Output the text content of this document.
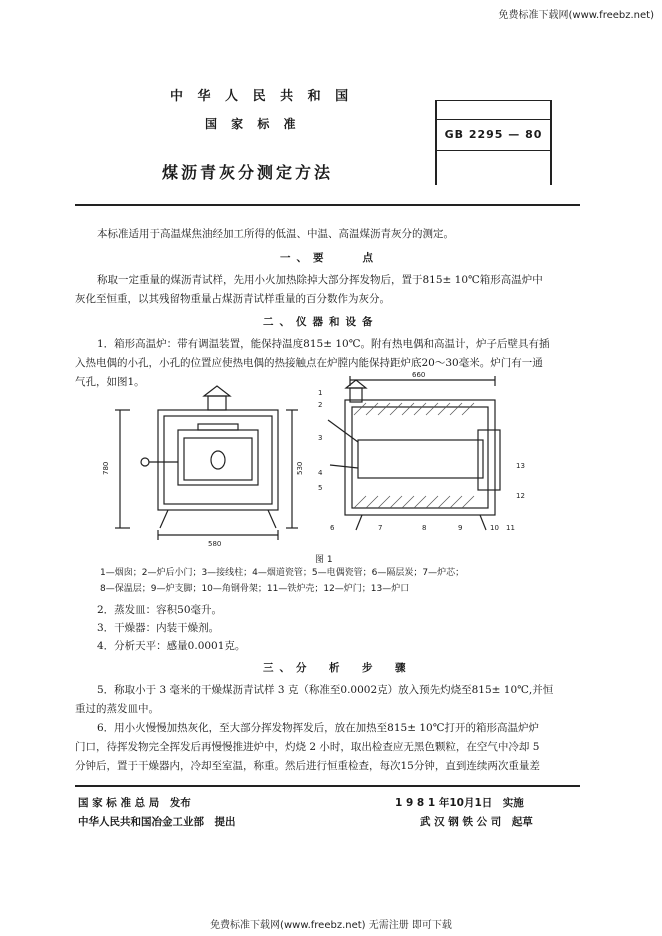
免费标准下载网(www.freebz.net)
中 华 人 民 共 和 国
国 家 标 准
煤沥青灰分测定方法
GB 2295 — 80
本标准适用于高温煤焦油经加工所得的低温、中温、高温煤沥青灰分的测定。
一、要　　点
称取一定重量的煤沥青试样，先用小火加热除掉大部分挥发物后，置于815± 10℃箱形高温炉中
灰化至恒重，以其残留物重量占煤沥青试样重量的百分数作为灰分。
二、仪器和设备
1．箱形高温炉：带有调温装置，能保持温度815± 10℃。附有热电偶和高温计，炉子后壁具有插
入热电偶的小孔，小孔的位置应使热电偶的热接触点在炉膛内能保持距炉底20～30毫米。炉门有一通
气孔，如图1。
780	530
580
660
1
2
3
4
5
6	7	8	9	10 11
12
13
图 1
1—烟囱；2—炉后小门；3—接线柱；4—烟道瓷管；5—电偶瓷管；6—隔层炭；7—炉芯；
8—保温层；9—炉支脚；10—角钢骨架；11—铁炉壳；12—炉门；13—炉口
2．蒸发皿：容积50毫升。
3．干燥器：内装干燥剂。
4．分析天平：感量0.0001克。
三、分　析　步　骤
5．称取小于 3 毫米的干燥煤沥青试样 3 克（称准至0.0002克）放入预先灼烧至815± 10℃,并恒
重过的蒸发皿中。
6．用小火慢慢加热灰化，至大部分挥发物挥发后，放在加热至815± 10℃打开的箱形高温炉炉
门口，待挥发物完全挥发后再慢慢推进炉中，灼烧 2 小时，取出检查应无黑色颗粒，在空气中冷却 5
分钟后，置于干燥器内，冷却至室温，称重。然后进行恒重检查，每次15分钟，直到连续两次重量差
国 家 标 准 总 局　发布
中华人民共和国冶金工业部　提出
1 9 8 1 年10月1日　实施
武 汉 钢 铁 公 司　起草
免费标准下载网(www.freebz.net) 无需注册 即可下载
